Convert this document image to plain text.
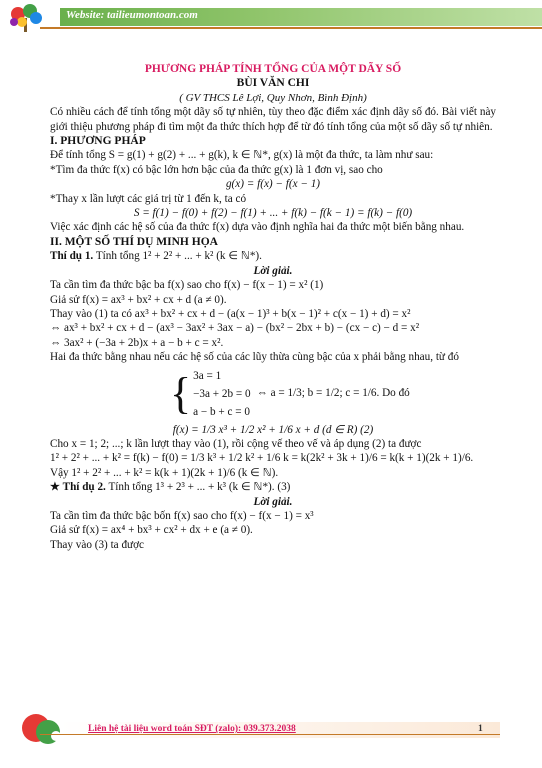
Website: tailieumontoan.com
PHƯƠNG PHÁP TÍNH TỔNG CỦA MỘT DÃY SỐ
BÙI VĂN CHI
( GV THCS Lê Lợi, Quy Nhơn, Bình Định)

Có nhiều cách để tính tổng một dãy số tự nhiên, tùy theo đặc điểm xác định dãy số đó. Bài viết này giới thiệu phương pháp đi tìm một đa thức thích hợp để từ đó tính tổng của một số dãy số tự nhiên.

I. PHƯƠNG PHÁP

Để tính tổng S = g(1) + g(2) + ... + g(k), k ∈ ℕ*, g(x) là một đa thức, ta làm như sau:

*Tìm đa thức f(x) có bậc lớn hơn bậc của đa thức g(x) là 1 đơn vị, sao cho

g(x) = f(x) − f(x − 1)

*Thay x lần lượt các giá trị từ 1 đến k, ta có

S = f(1) − f(0) + f(2) − f(1) + ... + f(k) − f(k − 1) = f(k) − f(0)

Việc xác định các hệ số của đa thức f(x) dựa vào định nghĩa hai đa thức một biến bằng nhau.

II. MỘT SỐ THÍ DỤ MINH HỌA
Thí dụ 1. Tính tổng 1² + 2² + ... + k² (k ∈ ℕ*).
Lời giải.

Ta cần tìm đa thức bậc ba f(x) sao cho f(x) − f(x − 1) = x² (1)

Giả sử f(x) = ax³ + bx² + cx + d (a ≠ 0).

Thay vào (1) ta có ax³ + bx² + cx + d − (a(x − 1)³ + b(x − 1)² + c(x − 1) + d) = x²

⇔ ax³ + bx² + cx + d − (ax³ − 3ax² + 3ax − a) − (bx² − 2bx + b) − (cx − c) − d = x²

⇔ 3ax² + (−3a + 2b)x + a − b + c = x².

Hai đa thức bằng nhau nếu các hệ số của các lũy thừa cùng bậc của x phải bằng nhau, từ đó

{ 3a = 1
−3a + 2b = 0
a − b + c = 0
⇔ a = 1/3; b = 1/2; c = 1/6. Do đó
f(x) = 1/3 x³ + 1/2 x² + 1/6 x + d (d ∈ R) (2)

Cho x = 1; 2; ...; k lần lượt thay vào (1), rồi cộng vế theo vế và áp dụng (2) ta được

1² + 2² + ... + k² = f(k) − f(0) = 1/3 k³ + 1/2 k² + 1/6 k = k(2k² + 3k + 1)/6 = k(k + 1)(2k + 1)/6.

Vậy 1² + 2² + ... + k² = k(k + 1)(2k + 1)/6 (k ∈ ℕ).

★ Thí dụ 2. Tính tổng 1³ + 2³ + ... + k³ (k ∈ ℕ*). (3)
Lời giải.

Ta cần tìm đa thức bậc bốn f(x) sao cho f(x) − f(x − 1) = x³

Giả sử f(x) = ax⁴ + bx³ + cx² + dx + e (a ≠ 0).

Thay vào (3) ta được

Liên hệ tài liệu word toán SĐT (zalo): 039.373.2038	1
